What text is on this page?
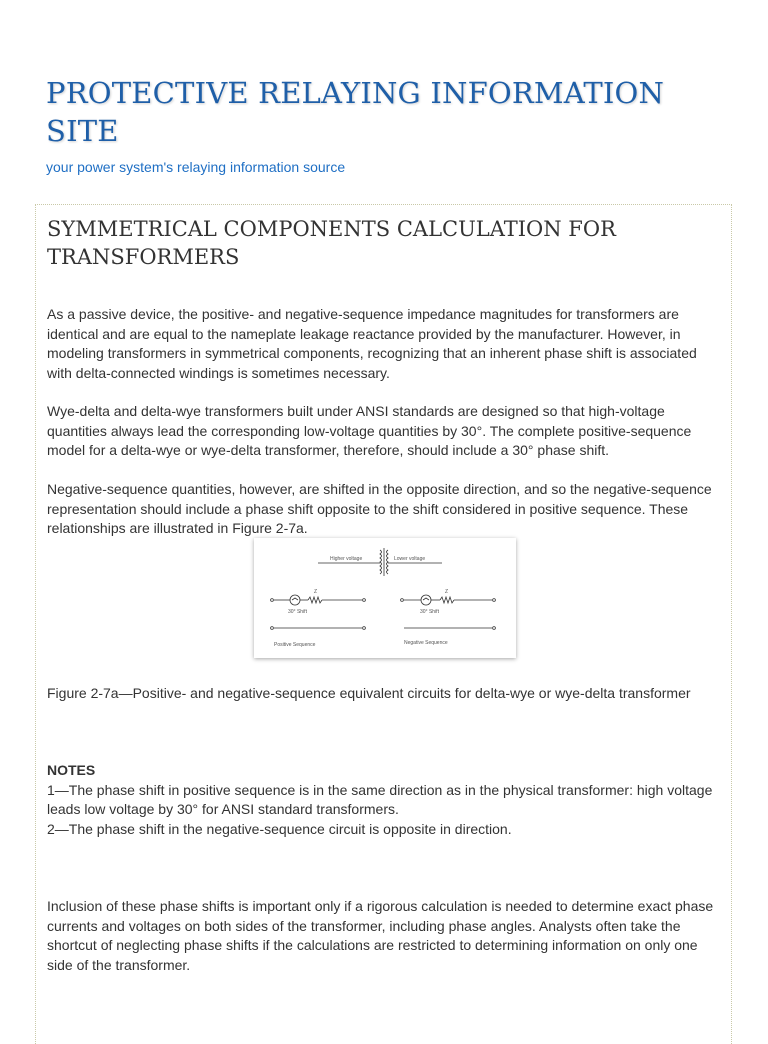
PROTECTIVE RELAYING INFORMATION SITE

your power system's relaying information source

SYMMETRICAL COMPONENTS CALCULATION FOR TRANSFORMERS

As a passive device, the positive- and negative-sequence impedance magnitudes for transformers are identical and are equal to the nameplate leakage reactance provided by the manufacturer. However, in modeling transformers in symmetrical components, recognizing that an inherent phase shift is associated with delta-connected windings is sometimes necessary.

Wye-delta and delta-wye transformers built under ANSI standards are designed so that high-voltage quantities always lead the corresponding low-voltage quantities by 30°. The complete positive-sequence model for a delta-wye or wye-delta transformer, therefore, should include a 30° phase shift.

Negative-sequence quantities, however, are shifted in the opposite direction, and so the negative-sequence representation should include a phase shift opposite to the shift considered in positive sequence. These relationships are illustrated in Figure 2-7a.

Higher voltage	Lower voltage
Z
30° Shift
Positive Sequence
Z
30° Shift
Negative Sequence

Figure 2-7a—Positive- and negative-sequence equivalent circuits for delta-wye or wye-delta transformer

NOTES
1—The phase shift in positive sequence is in the same direction as in the physical transformer: high voltage leads low voltage by 30° for ANSI standard transformers.
2—The phase shift in the negative-sequence circuit is opposite in direction.

Inclusion of these phase shifts is important only if a rigorous calculation is needed to determine exact phase currents and voltages on both sides of the transformer, including phase angles. Analysts often take the shortcut of neglecting phase shifts if the calculations are restricted to determining information on only one side of the transformer.
